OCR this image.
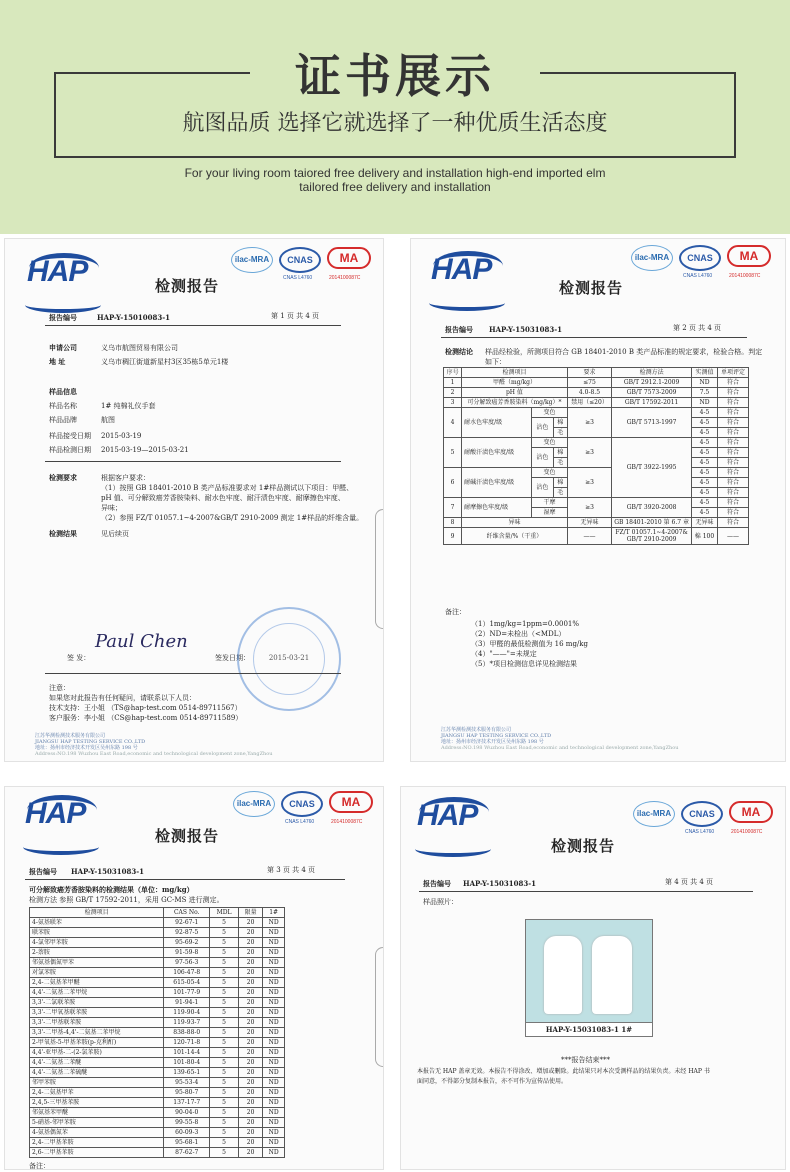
证书展示
航图品质 选择它就选择了一种优质生活态度
For your living room taiored free delivery and installation high-end imported elm
tailored free delivery and installation
HAP	ilac-MRA	CNAS	MA
CNAS L4760	2014100087C
检测报告
报告编号	HAP-Y-15010083-1	第 1 页 共 4 页
申请公司	义乌市航图贸易有限公司
地 址	义乌市稠江街道新星村3区35栋5单元1楼
样品信息
样品名称	1# 纯棉礼仪手套
样品品牌	航图
样品接受日期 2015-03-19
样品检测日期 2015-03-19—2015-03-21
检测要求	根据客户要求：
（1）按照 GB 18401-2010 B 类产品标准要求对 1#样品测试以下项目：甲醛、
pH 值、可分解致癌芳香胺染料、耐水色牢度、耐汗渍色牢度、耐摩擦色牢度、
异味；
（2）参照 FZ/T 01057.1~4-2007&GB/T 2910-2009 测定 1#样品的纤维含量。
检测结果	见后续页
签 发：
Paul Chen
签发日期：	2015-03-21
注意：
如果您对此报告有任何疑问，请联系以下人员：
技术支持：王小姐 （TS@hap-test.com 0514-89711567）
客户服务：李小姐 （CS@hap-test.com 0514-89711589）
江苏华测检测技术服务有限公司
JIANGSU HAP TESTING SERVICE CO.,LTD
地址：扬州市经济技术开发区吴州东路 198 号
Address:NO.198 Wuzhou East Road,economic and technological development zone,YangZhou
HAP	ilac-MRA	CNAS	MA
CNAS L4760	2014100087C
检测报告
报告编号 HAP-Y-15031083-1	第 2 页 共 4 页
检测结论 样品经检验，所测项目符合 GB 18401-2010 B 类产品标准的规定要求，检验合格。判定
如下：
序号	检测项目			要求	检测方法	实测值	单项评定
1	甲醛（mg/kg）			≤75	GB/T 2912.1-2009	ND	符合
2	pH 值			4.0-8.5	GB/T 7573-2009	7.5	符合
3	可分解致癌芳香胺染料（mg/kg）*			禁用（≤20）	GB/T 17592-2011	ND	符合
4	耐水色牢度/级	变色		≥3	GB/T 5713-1997	4-5	符合
		沾色	棉			4-5	符合
			毛			4-5	符合
5	耐酸汗渍色牢度/级	变色		≥3	GB/T 3922-1995	4-5	符合
		沾色	棉			4-5	符合
			毛			4-5	符合
6	耐碱汗渍色牢度/级	变色		≥3		4-5	符合
		沾色	棉			4-5	符合
			毛			4-5	符合
7	耐摩擦色牢度/级	干摩		≥3	GB/T 3920-2008	4-5	符合
		湿摩				4-5	符合
8	异味			无异味	GB 18401-2010 第 6.7 章	无异味	符合
9	纤维含量/%（干重）			——	FZ/T 01057.1~4-2007& GB/T 2910-2009	棉 100	——
备注：
（1）1mg/kg=1ppm=0.0001%
（2）ND=未检出（<MDL）
（3）甲醛的最低检测值为 16 mg/kg
（4）"——"=未规定
（5）*项目检测信息详见检测结果
江苏华测检测技术服务有限公司
JIANGSU HAP TESTING SERVICE CO.,LTD
地址：扬州市经济技术开发区吴州东路 198 号
Address:NO.198 Wuzhou East Road,economic and technological development zone,YangZhou
HAP	ilac-MRA	CNAS	MA
CNAS L4760	2014100087C
检测报告
报告编号 HAP-Y-15031083-1	第 3 页 共 4 页
可分解致癌芳香胺染料的检测结果（单位：mg/kg）
检测方法 参照 GB/T 17592-2011，采用 GC-MS 进行测定。
检测项目	CAS No.	MDL	限量	1#
4-氨基联苯	92-67-1	5	20	ND
联苯胺	92-87-5	5	20	ND
4-氯邻甲苯胺	95-69-2	5	20	ND
2-萘胺	91-59-8	5	20	ND
邻氨基偶氮甲苯	97-56-3	5	20	ND
对氯苯胺	106-47-8	5	20	ND
2,4-二氨基苯甲醚	615-05-4	5	20	ND
4,4'-二氨基二苯甲烷	101-77-9	5	20	ND
3,3'-二氯联苯胺	91-94-1	5	20	ND
3,3'-二甲氧基联苯胺	119-90-4	5	20	ND
3,3'-二甲基联苯胺	119-93-7	5	20	ND
3,3'-二甲基-4,4'-二氨基二苯甲烷	838-88-0	5	20	ND
2-甲氧基-5-甲基苯胺(p-克利酊)	120-71-8	5	20	ND
4,4'-亚甲基-二-(2-氯苯胺)	101-14-4	5	20	ND
4,4'-二氨基二苯醚	101-80-4	5	20	ND
4,4'-二氨基二苯硫醚	139-65-1	5	20	ND
邻甲苯胺	95-53-4	5	20	ND
2,4-二氨基甲苯	95-80-7	5	20	ND
2,4,5-三甲基苯胺	137-17-7	5	20	ND
邻氨基苯甲醚	90-04-0	5	20	ND
5-硝基-邻甲苯胺	99-55-8	5	20	ND
4-氨基偶氮苯	60-09-3	5	20	ND
2,4-二甲基苯胺	95-68-1	5	20	ND
2,6-二甲基苯胺	87-62-7	5	20	ND
备注：
HAP	ilac-MRA	CNAS	MA
CNAS L4760	2014100087C
检测报告
报告编号 HAP-Y-15031083-1	第 4 页 共 4 页
样品照片：
HAP-Y-15031083-1 1#
***报告结束***
本报告无 HAP 盖章无效。本报告不得涂改、增加或删除。此结果只对本次受测样品的结果负责。未经 HAP 书
面同意，不得部分复制本报告，亦不可作为宣传品使用。
